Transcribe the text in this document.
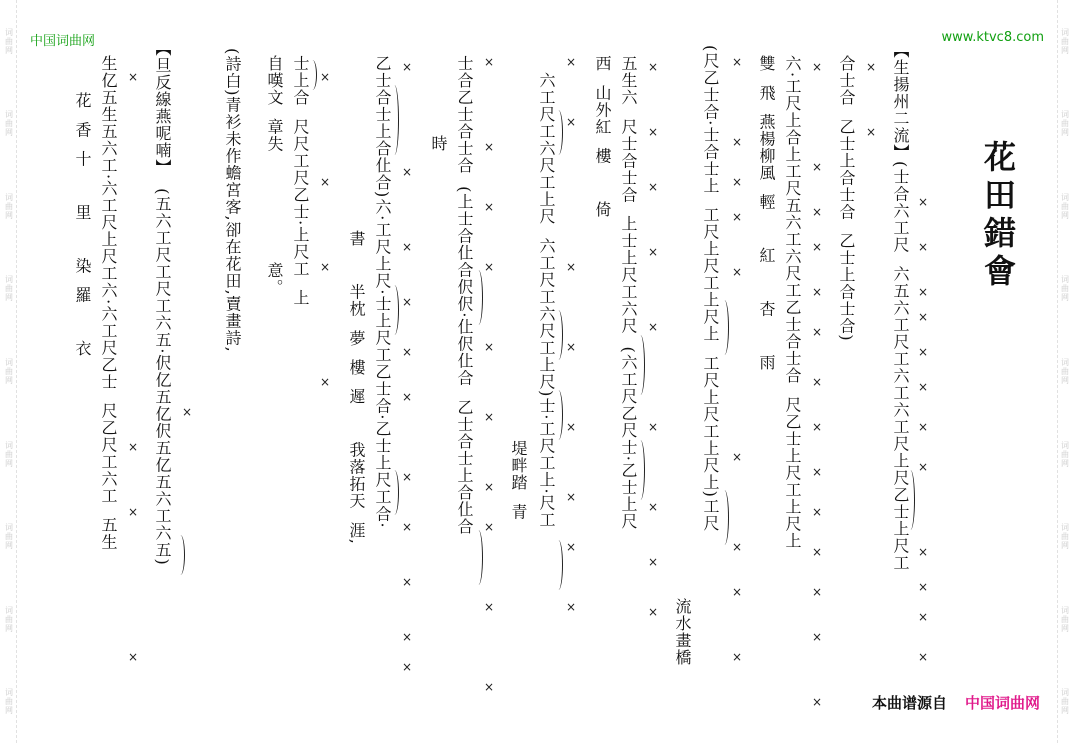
词曲网
词曲网
词曲网
词曲网
词曲网
词曲网
词曲网
词曲网
词曲网
词曲网
词曲网
词曲网
词曲网
词曲网
词曲网
词曲网
词曲网
词曲网
中国词曲网	www.ktvc8.com
花田錯會
【生揚州二流】(士合六工尺  六五六工尺工六工六工尺上尺乙士上尺工
合士合  乙士上合士合  乙士上合士合)
六·工尺上合上工尺五六工六尺工乙士合士合  尺乙士上尺工上尺上
雙  飛  燕楊柳風  輕      紅      杏      雨
(尺乙士合·士合士上  工尺上尺工上尺上  工尺上尺工上尺上)工尺
流水畫橋
五生六  尺士合士合  上士上尺工六尺  (六工尺乙尺士·乙士上尺
西  山外紅  樓      倚
六工尺工六尺工上尺  六工尺工六尺工上尺)士·工尺工上·尺工
堤畔踏  青
士合乙士合士合  (上士合仩合伬伬·仩伬仩合  乙士合士上合仩合
時
乙士合士上合仩合)六·工尺上尺·士上尺工乙士合·乙士上尺工合·
書      半枕  夢  樓  遲      我落拓天  涯,
士上合  尺尺工尺乙士·上尺工  上
自嘆文  章失                  意。
(詩白)青衫未作蟾宮客,卻在花田,賣畫詩,
【旦反線燕呢喃】  (五六工尺工尺工六五·伬亿五亿伬五亿五六工六五)
生亿五生五六工·六工尺上尺工六·六工尺乙士  尺乙尺工六工  五生
花  香  十      里      染  羅      衣	×
×
×
×
×
×
×
×
×
×
×
×
×
×
×
×
×
×
×
×
×
×
×
×
×
×
×
×
×
×
×
×
×
×
×
×
×
×
×
×
×
×
×
×
×
×
×
×
×
×
×
×
×
×
×
×
×
×
×
×
×
×
×
×
×
×
×
×
×
×
×
×
×
×
×
×
×
×
×
×
×
×
×
×
本曲谱源自 中国词曲网
